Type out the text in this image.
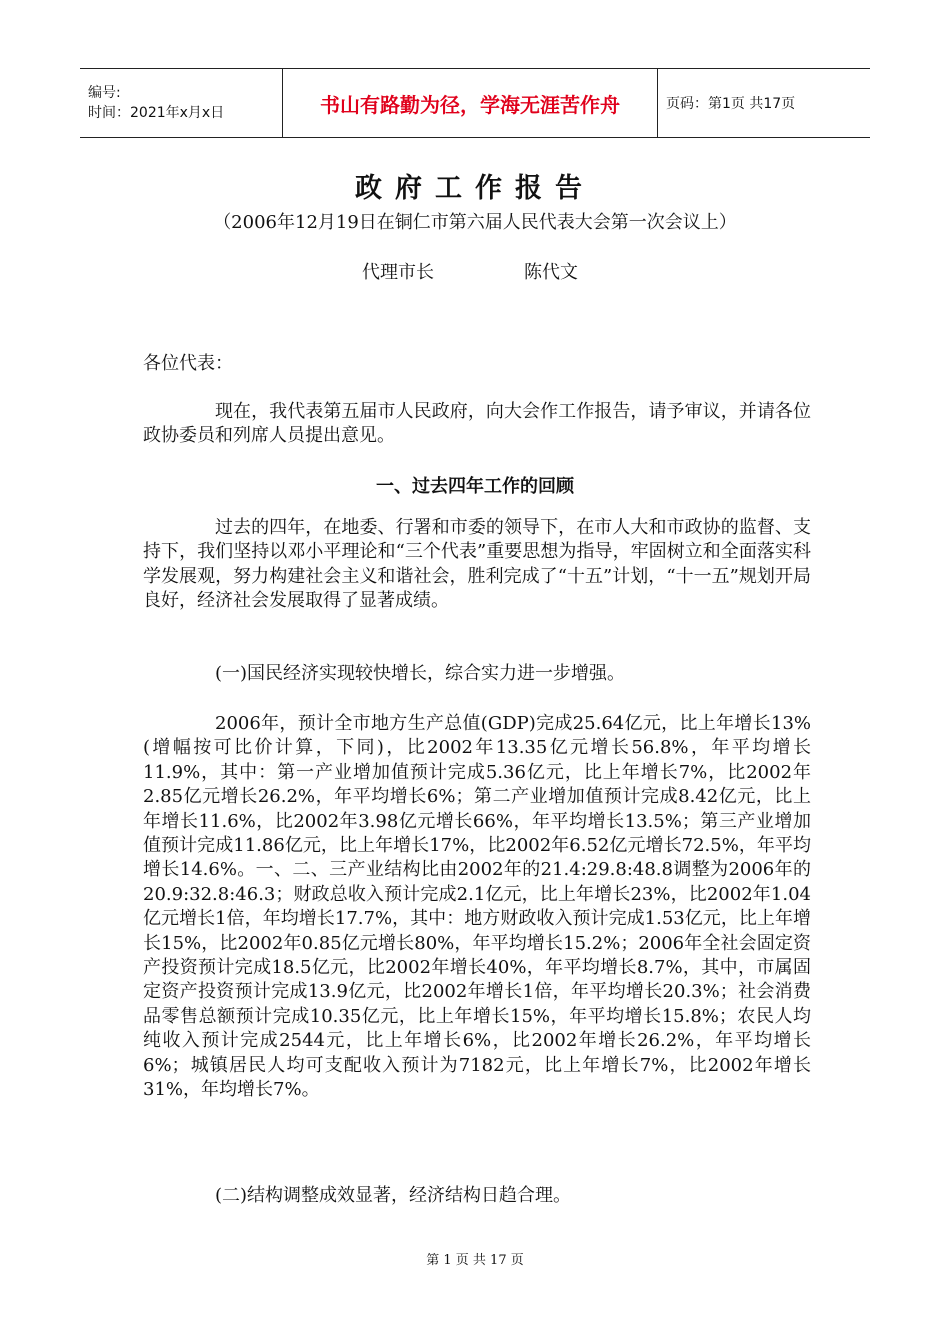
编号:
时间：2021年x月x日	书山有路勤为径，学海无涯苦作舟	页码：第1页 共17页
政府工作报告
（2006年12月19日在铜仁市第六届人民代表大会第一次会议上）
代理市长	陈代文
各位代表：
现在，我代表第五届市人民政府，向大会作工作报告，请予审议，并请各位政协委员和列席人员提出意见。
一、过去四年工作的回顾
过去的四年，在地委、行署和市委的领导下，在市人大和市政协的监督、支持下，我们坚持以邓小平理论和“三个代表”重要思想为指导，牢固树立和全面落实科学发展观，努力构建社会主义和谐社会，胜利完成了“十五”计划，“十一五”规划开局良好，经济社会发展取得了显著成绩。
(一)国民经济实现较快增长，综合实力进一步增强。
2006年，预计全市地方生产总值(GDP)完成25.64亿元，比上年增长13%(增幅按可比价计算，下同)，比2002年13.35亿元增长56.8%，年平均增长11.9%，其中：第一产业增加值预计完成5.36亿元，比上年增长7%，比2002年2.85亿元增长26.2%，年平均增长6%；第二产业增加值预计完成8.42亿元，比上年增长11.6%，比2002年3.98亿元增长66%，年平均增长13.5%；第三产业增加值预计完成11.86亿元，比上年增长17%，比2002年6.52亿元增长72.5%，年平均增长14.6%。一、二、三产业结构比由2002年的21.4:29.8:48.8调整为2006年的20.9:32.8:46.3；财政总收入预计完成2.1亿元，比上年增长23%，比2002年1.04亿元增长1倍，年均增长17.7%，其中：地方财政收入预计完成1.53亿元，比上年增长15%，比2002年0.85亿元增长80%，年平均增长15.2%；2006年全社会固定资产投资预计完成18.5亿元，比2002年增长40%，年平均增长8.7%，其中，市属固定资产投资预计完成13.9亿元，比2002年增长1倍，年平均增长20.3%；社会消费品零售总额预计完成10.35亿元，比上年增长15%，年平均增长15.8%；农民人均纯收入预计完成2544元，比上年增长6%，比2002年增长26.2%，年平均增长6%；城镇居民人均可支配收入预计为7182元，比上年增长7%，比2002年增长31%，年均增长7%。
(二)结构调整成效显著，经济结构日趋合理。
第 1 页 共 17 页
